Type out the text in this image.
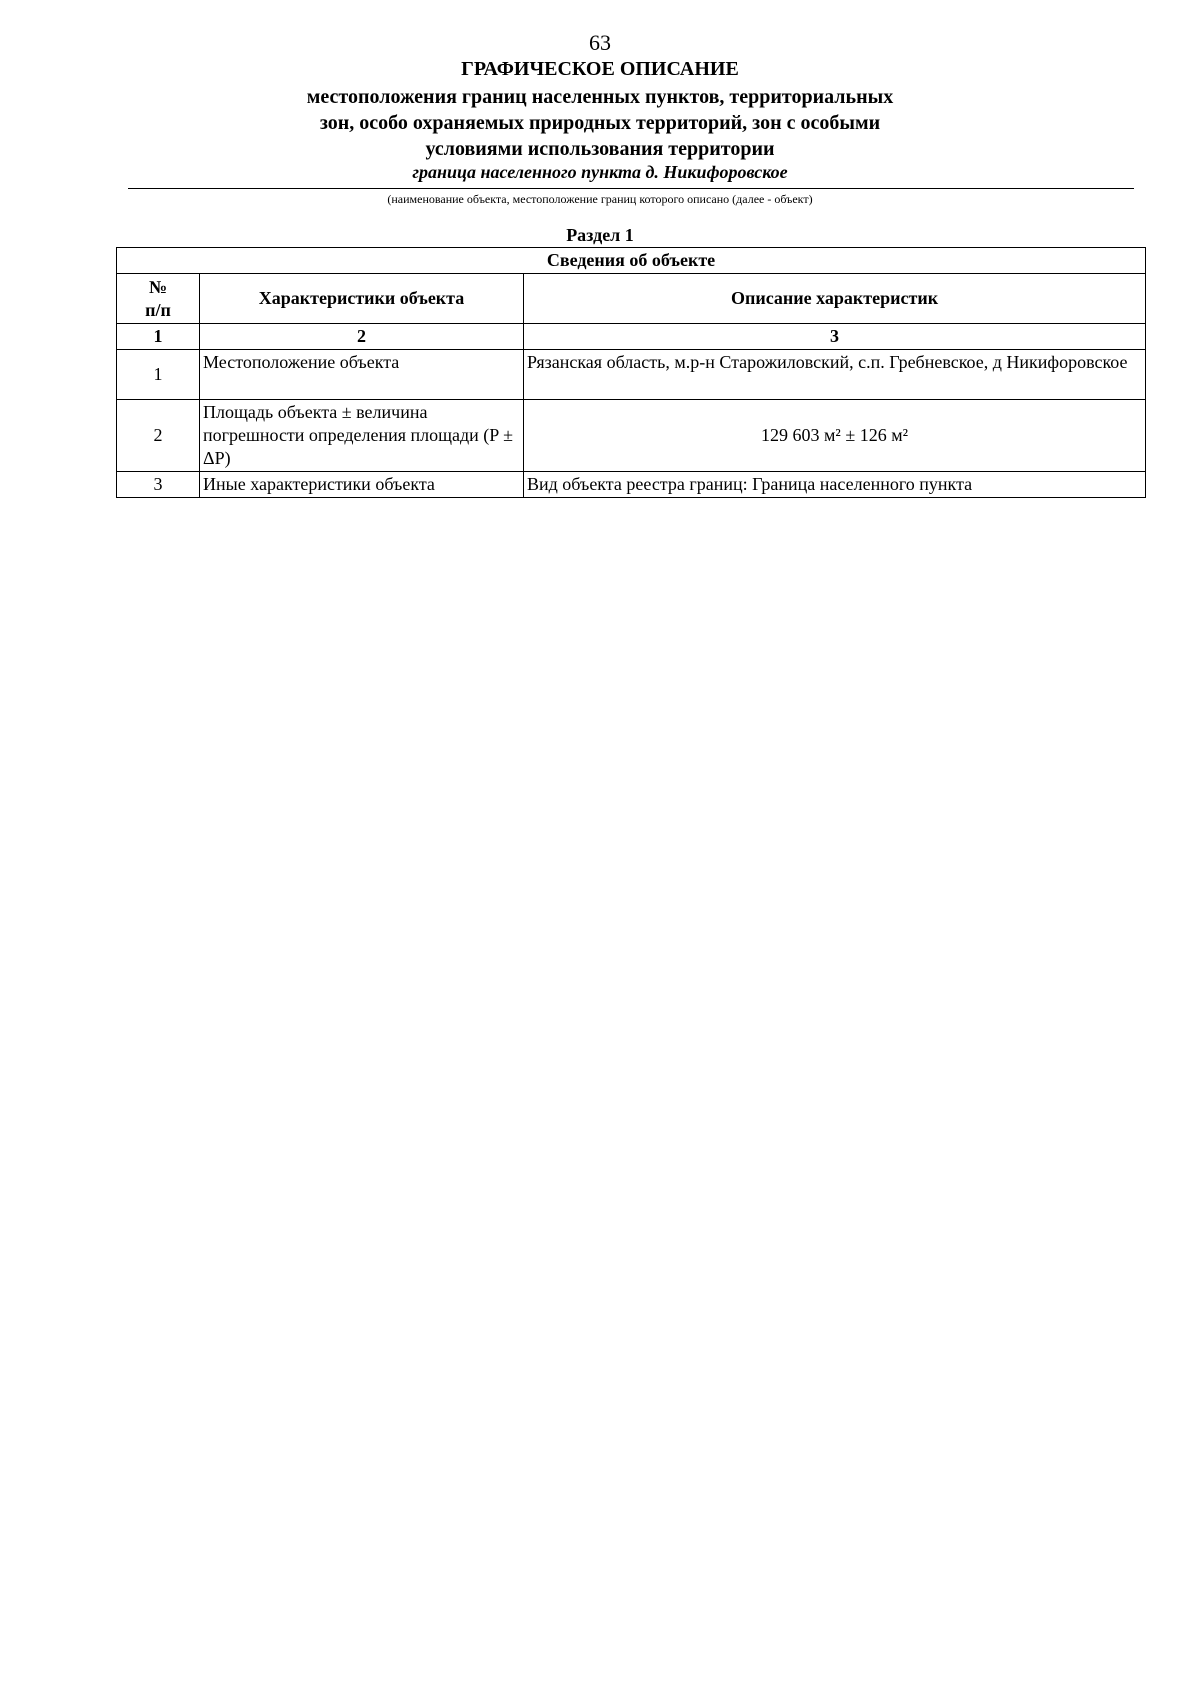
63
ГРАФИЧЕСКОЕ ОПИСАНИЕ
местоположения границ населенных пунктов, территориальных
зон, особо охраняемых природных территорий, зон с особыми
условиями использования территории
граница населенного пункта д. Никифоровское
(наименование объекта, местоположение границ которого описано (далее - объект)
Раздел 1
Сведения об объекте		

№
п/п	Характеристики объекта	Описание характеристик
1	2	3
1	Местоположение объекта	Рязанская область, м.р-н Старожиловский, с.п. Гребневское, д Никифоровское
2	Площадь объекта ± величина погрешности определения площади (P ± ΔP)	129 603 м² ± 126 м²
3	Иные характеристики объекта	Вид объекта реестра границ: Граница населенного пункта
